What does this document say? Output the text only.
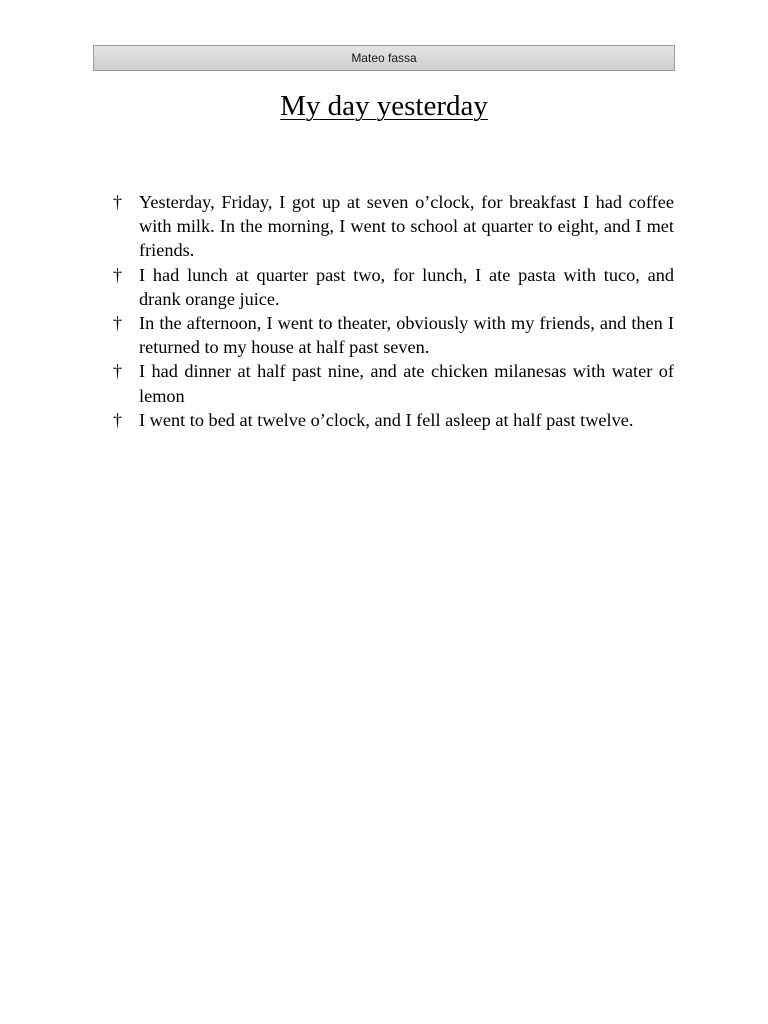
Mateo fassa
My day yesterday
† Yesterday, Friday, I got up at seven o’clock, for breakfast I had coffee with milk. In the morning, I went to school at quarter to eight, and I met friends.
† I had lunch at quarter past two, for lunch, I ate pasta with tuco, and drank orange juice.
† In the afternoon, I went to theater, obviously with my friends, and then I returned to my house at half past seven.
† I had dinner at half past nine, and ate chicken milanesas with water of lemon
† I went to bed at twelve o’clock, and I fell asleep at half past twelve.
